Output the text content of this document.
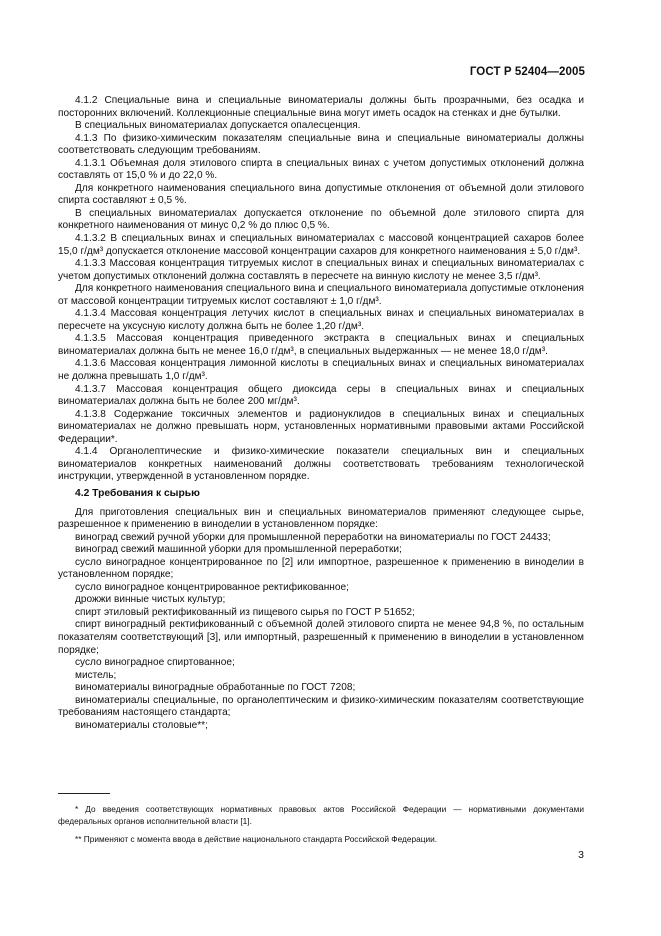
ГОСТ Р 52404—2005

4.1.2 Специальные вина и специальные виноматериалы должны быть прозрачными, без осадка и посторонних включений. Коллекционные специальные вина могут иметь осадок на стенках и дне бутылки.

В специальных виноматериалах допускается опалесценция.

4.1.3 По физико-химическим показателям специальные вина и специальные виноматериалы должны соответствовать следующим требованиям.

4.1.3.1 Объемная доля этилового спирта в специальных винах с учетом допустимых отклонений должна составлять от 15,0 % и до 22,0 %.

Для конкретного наименования специального вина допустимые отклонения от объемной доли этилового спирта составляют ± 0,5 %.

В специальных виноматериалах допускается отклонение по объемной доле этилового спирта для конкретного наименования от минус 0,2 % до плюс 0,5 %.

4.1.3.2 В специальных винах и специальных виноматериалах с массовой концентрацией сахаров более 15,0 г/дм³ допускается отклонение массовой концентрации сахаров для конкретного наименования ± 5,0 г/дм³.

4.1.3.3 Массовая концентрация титруемых кислот в специальных винах и специальных виноматериалах с учетом допустимых отклонений должна составлять в пересчете на винную кислоту не менее 3,5 г/дм³.

Для конкретного наименования специального вина и специального виноматериала допустимые отклонения от массовой концентрации титруемых кислот составляют ± 1,0 г/дм³.

4.1.3.4 Массовая концентрация летучих кислот в специальных винах и специальных виноматериалах в пересчете на уксусную кислоту должна быть не более 1,20 г/дм³.

4.1.3.5 Массовая концентрация приведенного экстракта в специальных винах и специальных виноматериалах должна быть не менее 16,0 г/дм³, в специальных выдержанных — не менее 18,0 г/дм³.

4.1.3.6 Массовая концентрация лимонной кислоты в специальных винах и специальных виноматериалах не должна превышать 1,0 г/дм³.

4.1.3.7 Массовая концентрация общего диоксида серы в специальных винах и специальных виноматериалах должна быть не более 200 мг/дм³.

4.1.3.8 Содержание токсичных элементов и радионуклидов в специальных винах и специальных виноматериалах не должно превышать норм, установленных нормативными правовыми актами Российской Федерации*.

4.1.4 Органолептические и физико-химические показатели специальных вин и специальных виноматериалов конкретных наименований должны соответствовать требованиям технологической инструкции, утвержденной в установленном порядке.

4.2 Требования к сырью

Для приготовления специальных вин и специальных виноматериалов применяют следующее сырье, разрешенное к применению в виноделии в установленном порядке:

виноград свежий ручной уборки для промышленной переработки на виноматериалы по ГОСТ 24433;

виноград свежий машинной уборки для промышленной переработки;

сусло виноградное концентрированное по [2] или импортное, разрешенное к применению в виноделии в установленном порядке;

сусло виноградное концентрированное ректификованное;

дрожжи винные чистых культур;

спирт этиловый ректификованный из пищевого сырья по ГОСТ Р 51652;

спирт виноградный ректификованный с объемной долей этилового спирта не менее 94,8 %, по остальным показателям соответствующий [3], или импортный, разрешенный к применению в виноделии в установленном порядке;

сусло виноградное спиртованное;

мистель;

виноматериалы виноградные обработанные по ГОСТ 7208;

виноматериалы специальные, по органолептическим и физико-химическим показателям соответствующие требованиям настоящего стандарта;

виноматериалы столовые**;

* До введения соответствующих нормативных правовых актов Российской Федерации — нормативными документами федеральных органов исполнительной власти [1].

** Применяют с момента ввода в действие национального стандарта Российской Федерации.

3
